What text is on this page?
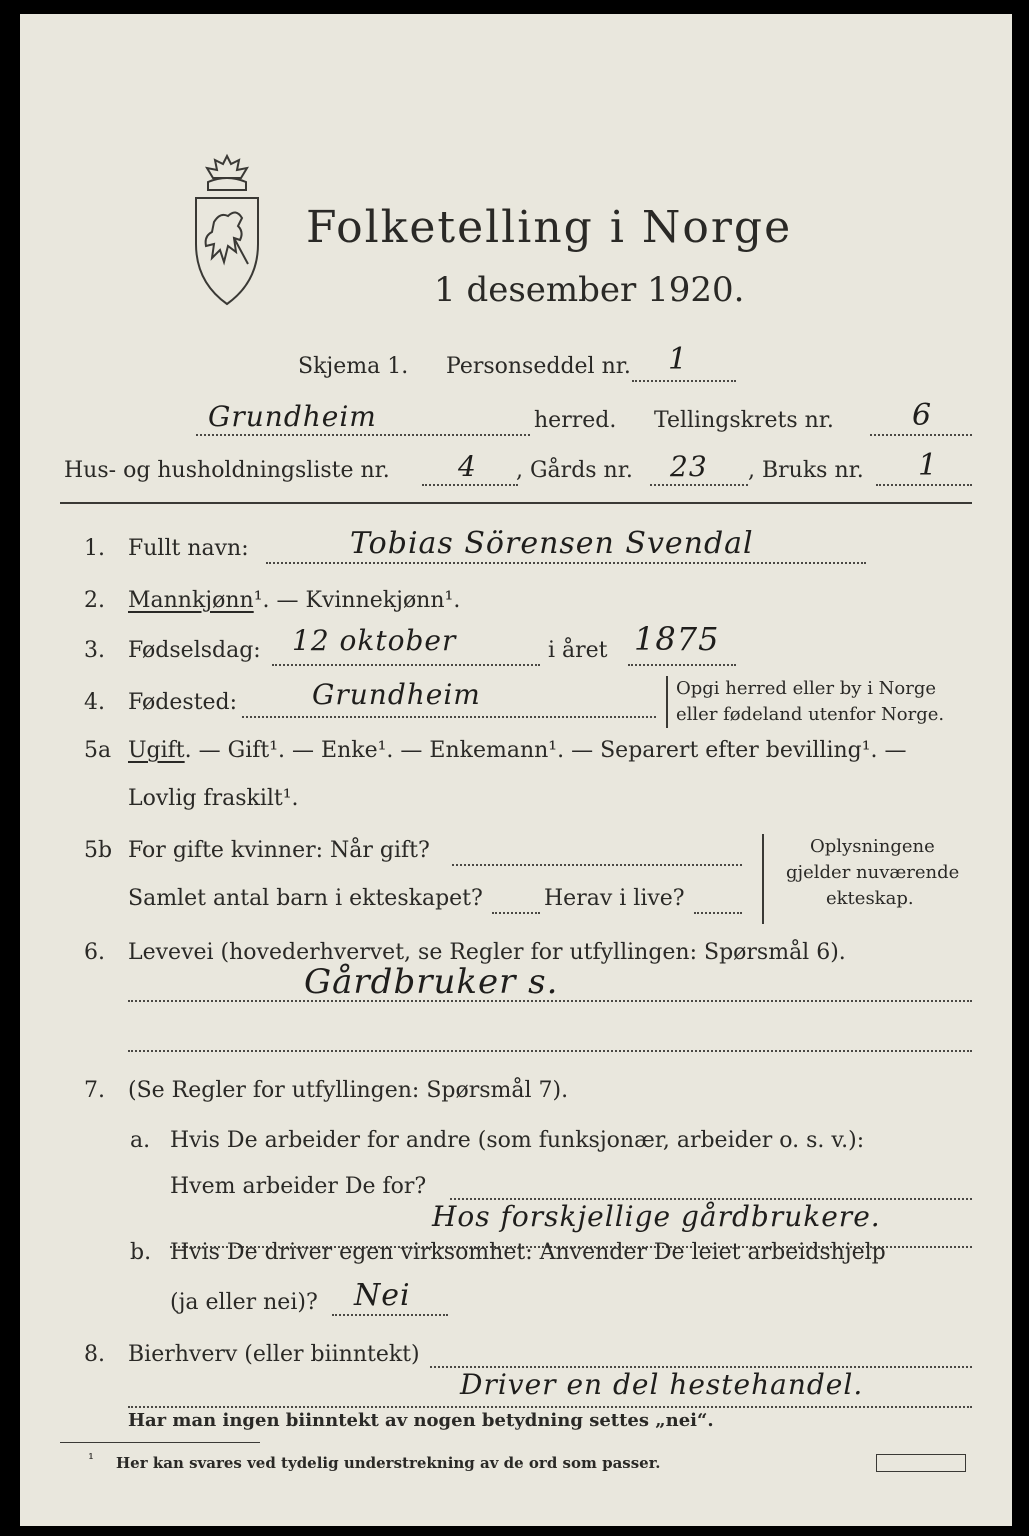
Folketelling i Norge
1 desember 1920.
Skjema 1. Personseddel nr. 1
Grundheim	herred. Tellingskrets nr.	6
Hus- og husholdningsliste nr. 4 , Gårds nr. 23 , Bruks nr. 1
1. Fullt navn:	Tobias Sörensen Svendal
2. Mannkjønn¹. — Kvinnekjønn¹.
3. Fødselsdag: 12 oktober	i året 1875
4. Fødested:	Grundheim	Opgi herred eller by i Norge
eller fødeland utenfor Norge.
5a Ugift. — Gift¹. — Enke¹. — Enkemann¹. — Separert efter bevilling¹. —
Lovlig fraskilt¹.
5b For gifte kvinner: Når gift?
Samlet antal barn i ekteskapet?	Herav i live?
Oplysningene
gjelder nuværende
ekteskap.
6. Levevei (hovederhvervet, se Regler for utfyllingen: Spørsmål 6).
Gårdbruker s.
7. (Se Regler for utfyllingen: Spørsmål 7).
a. Hvis De arbeider for andre (som funksjonær, arbeider o. s. v.):
Hvem arbeider De for?
Hos forskjellige gårdbrukere.
b. Hvis De driver egen virksomhet: Anvender De leiet arbeidshjelp
(ja eller nei)? Nei
8. Bierhverv (eller biinntekt)
Driver en del hestehandel.
Har man ingen biinntekt av nogen betydning settes „nei“.
¹ Her kan svares ved tydelig understrekning av de ord som passer.
